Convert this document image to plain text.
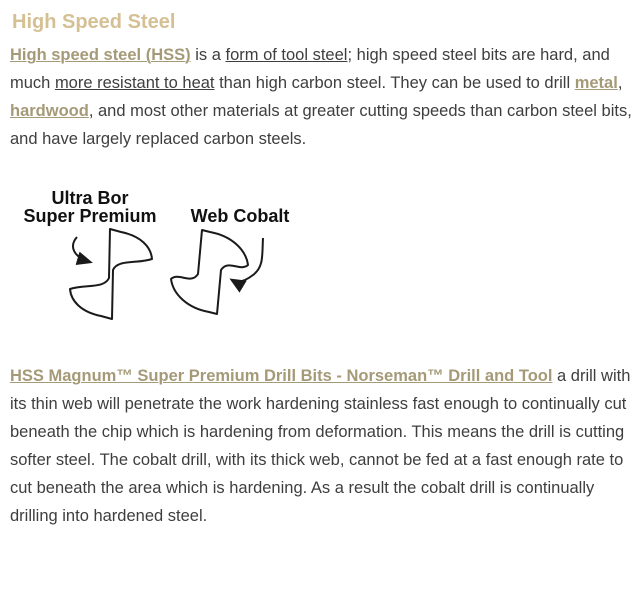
High Speed Steel

High speed steel (HSS) is a form of tool steel; high speed steel bits are hard, and much more resistant to heat than high carbon steel. They can be used to drill metal, hardwood, and most other materials at greater cutting speeds than carbon steel bits, and have largely replaced carbon steels.

Ultra Bor
Super Premium Web Cobalt

HSS Magnum™ Super Premium Drill Bits - Norseman™ Drill and Tool a drill with its thin web will penetrate the work hardening stainless fast enough to continually cut beneath the chip which is hardening from deformation. This means the drill is cutting softer steel. The cobalt drill, with its thick web, cannot be fed at a fast enough rate to cut beneath the area which is hardening. As a result the cobalt drill is continually drilling into hardened steel.
